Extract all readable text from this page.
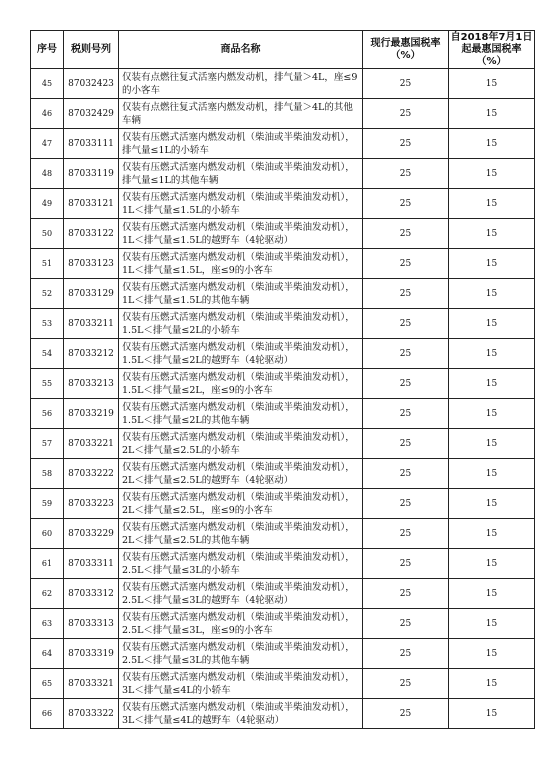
序号	税则号列	商品名称	现行最惠国税率（%）	自2018年7月1日起最惠国税率（%）
45	87032423	仅装有点燃往复式活塞内燃发动机，排气量＞4L，座≤9的小客车	25	15
46	87032429	仅装有点燃往复式活塞内燃发动机，排气量＞4L的其他车辆	25	15
47	87033111	仅装有压燃式活塞内燃发动机（柴油或半柴油发动机），排气量≤1L的小轿车	25	15
48	87033119	仅装有压燃式活塞内燃发动机（柴油或半柴油发动机），排气量≤1L的其他车辆	25	15
49	87033121	仅装有压燃式活塞内燃发动机（柴油或半柴油发动机），1L＜排气量≤1.5L的小轿车	25	15
50	87033122	仅装有压燃式活塞内燃发动机（柴油或半柴油发动机），1L＜排气量≤1.5L的越野车（4轮驱动）	25	15
51	87033123	仅装有压燃式活塞内燃发动机（柴油或半柴油发动机），1L＜排气量≤1.5L，座≤9的小客车	25	15
52	87033129	仅装有压燃式活塞内燃发动机（柴油或半柴油发动机），1L＜排气量≤1.5L的其他车辆	25	15
53	87033211	仅装有压燃式活塞内燃发动机（柴油或半柴油发动机），1.5L＜排气量≤2L的小轿车	25	15
54	87033212	仅装有压燃式活塞内燃发动机（柴油或半柴油发动机），1.5L＜排气量≤2L的越野车（4轮驱动）	25	15
55	87033213	仅装有压燃式活塞内燃发动机（柴油或半柴油发动机），1.5L＜排气量≤2L，座≤9的小客车	25	15
56	87033219	仅装有压燃式活塞内燃发动机（柴油或半柴油发动机），1.5L＜排气量≤2L的其他车辆	25	15
57	87033221	仅装有压燃式活塞内燃发动机（柴油或半柴油发动机），2L＜排气量≤2.5L的小轿车	25	15
58	87033222	仅装有压燃式活塞内燃发动机（柴油或半柴油发动机），2L＜排气量≤2.5L的越野车（4轮驱动）	25	15
59	87033223	仅装有压燃式活塞内燃发动机（柴油或半柴油发动机），2L＜排气量≤2.5L，座≤9的小客车	25	15
60	87033229	仅装有压燃式活塞内燃发动机（柴油或半柴油发动机），2L＜排气量≤2.5L的其他车辆	25	15
61	87033311	仅装有压燃式活塞内燃发动机（柴油或半柴油发动机），2.5L＜排气量≤3L的小轿车	25	15
62	87033312	仅装有压燃式活塞内燃发动机（柴油或半柴油发动机），2.5L＜排气量≤3L的越野车（4轮驱动）	25	15
63	87033313	仅装有压燃式活塞内燃发动机（柴油或半柴油发动机），2.5L＜排气量≤3L，座≤9的小客车	25	15
64	87033319	仅装有压燃式活塞内燃发动机（柴油或半柴油发动机），2.5L＜排气量≤3L的其他车辆	25	15
65	87033321	仅装有压燃式活塞内燃发动机（柴油或半柴油发动机），3L＜排气量≤4L的小轿车	25	15
66	87033322	仅装有压燃式活塞内燃发动机（柴油或半柴油发动机），3L＜排气量≤4L的越野车（4轮驱动）	25	15
